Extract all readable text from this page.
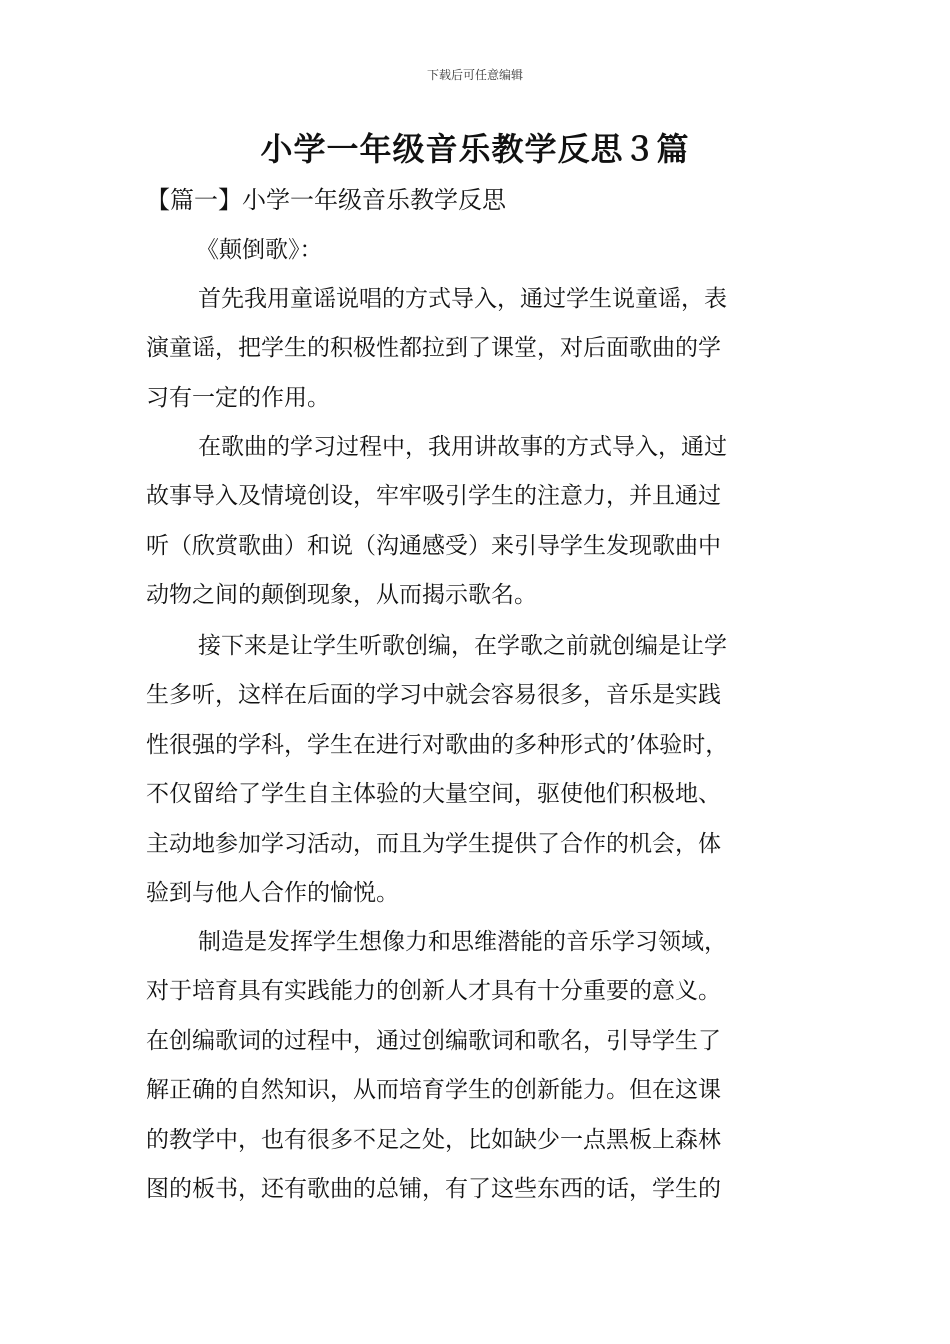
下载后可任意编辑
小学一年级音乐教学反思３篇
【篇一】小学一年级音乐教学反思
《颠倒歌》：
首先我用童谣说唱的方式导入，通过学生说童谣，表
演童谣，把学生的积极性都拉到了课堂，对后面歌曲的学
习有一定的作用。
在歌曲的学习过程中，我用讲故事的方式导入，通过
故事导入及情境创设，牢牢吸引学生的注意力，并且通过
听（欣赏歌曲）和说（沟通感受）来引导学生发现歌曲中
动物之间的颠倒现象，从而揭示歌名。
接下来是让学生听歌创编，在学歌之前就创编是让学
生多听，这样在后面的学习中就会容易很多，音乐是实践
性很强的学科，学生在进行对歌曲的多种形式的’体验时，
不仅留给了学生自主体验的大量空间，驱使他们积极地、
主动地参加学习活动，而且为学生提供了合作的机会，体
验到与他人合作的愉悦。
制造是发挥学生想像力和思维潜能的音乐学习领域，
对于培育具有实践能力的创新人才具有十分重要的意义。
在创编歌词的过程中，通过创编歌词和歌名，引导学生了
解正确的自然知识，从而培育学生的创新能力。但在这课
的教学中，也有很多不足之处，比如缺少一点黑板上森林
图的板书，还有歌曲的总铺，有了这些东西的话，学生的
